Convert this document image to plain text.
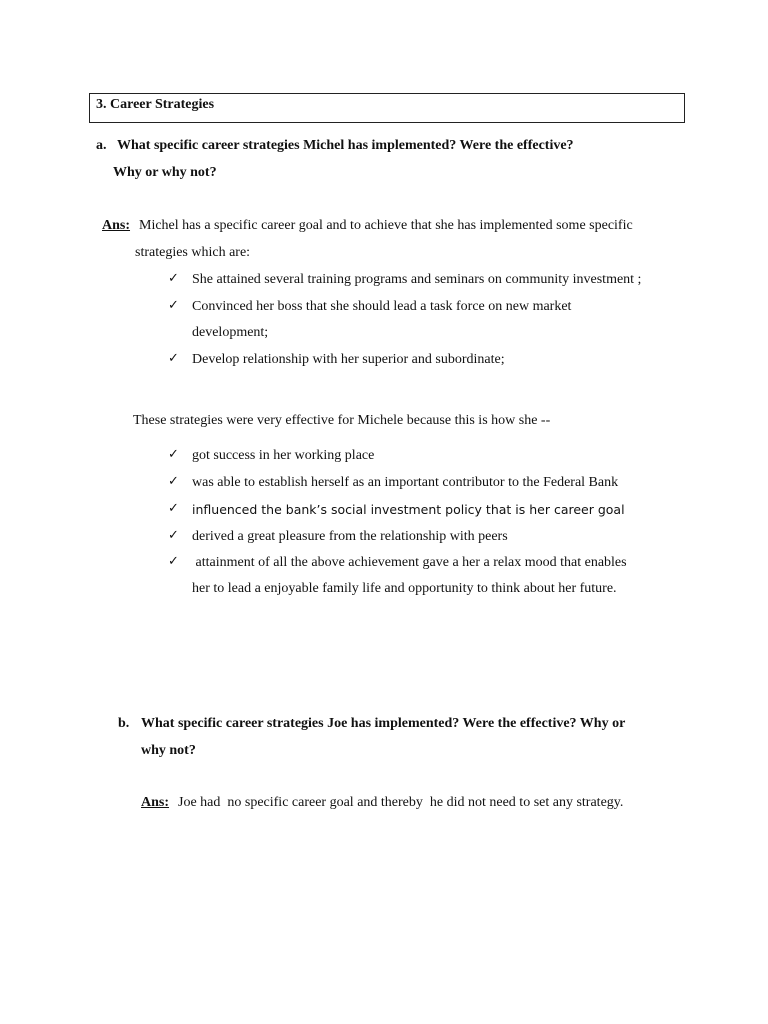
3. Career Strategies
a. What specific career strategies Michel has implemented? Were the effective?
Why or why not?
Ans: Michel has a specific career goal and to achieve that she has implemented some specific
strategies which are:
✓ She attained several training programs and seminars on community investment ;
✓ Convinced her boss that she should lead a task force on new market
development;
✓ Develop relationship with her superior and subordinate;
These strategies were very effective for Michele because this is how she --
✓ got success in her working place
✓ was able to establish herself as an important contributor to the Federal Bank
✓ influenced the bank’s social investment policy that is her career goal
✓ derived a great pleasure from the relationship with peers
✓ attainment of all the above achievement gave a her a relax mood that enables
her to lead a enjoyable family life and opportunity to think about her future.
b. What specific career strategies Joe has implemented? Were the effective? Why or
why not?
Ans: Joe had  no specific career goal and thereby  he did not need to set any strategy.
